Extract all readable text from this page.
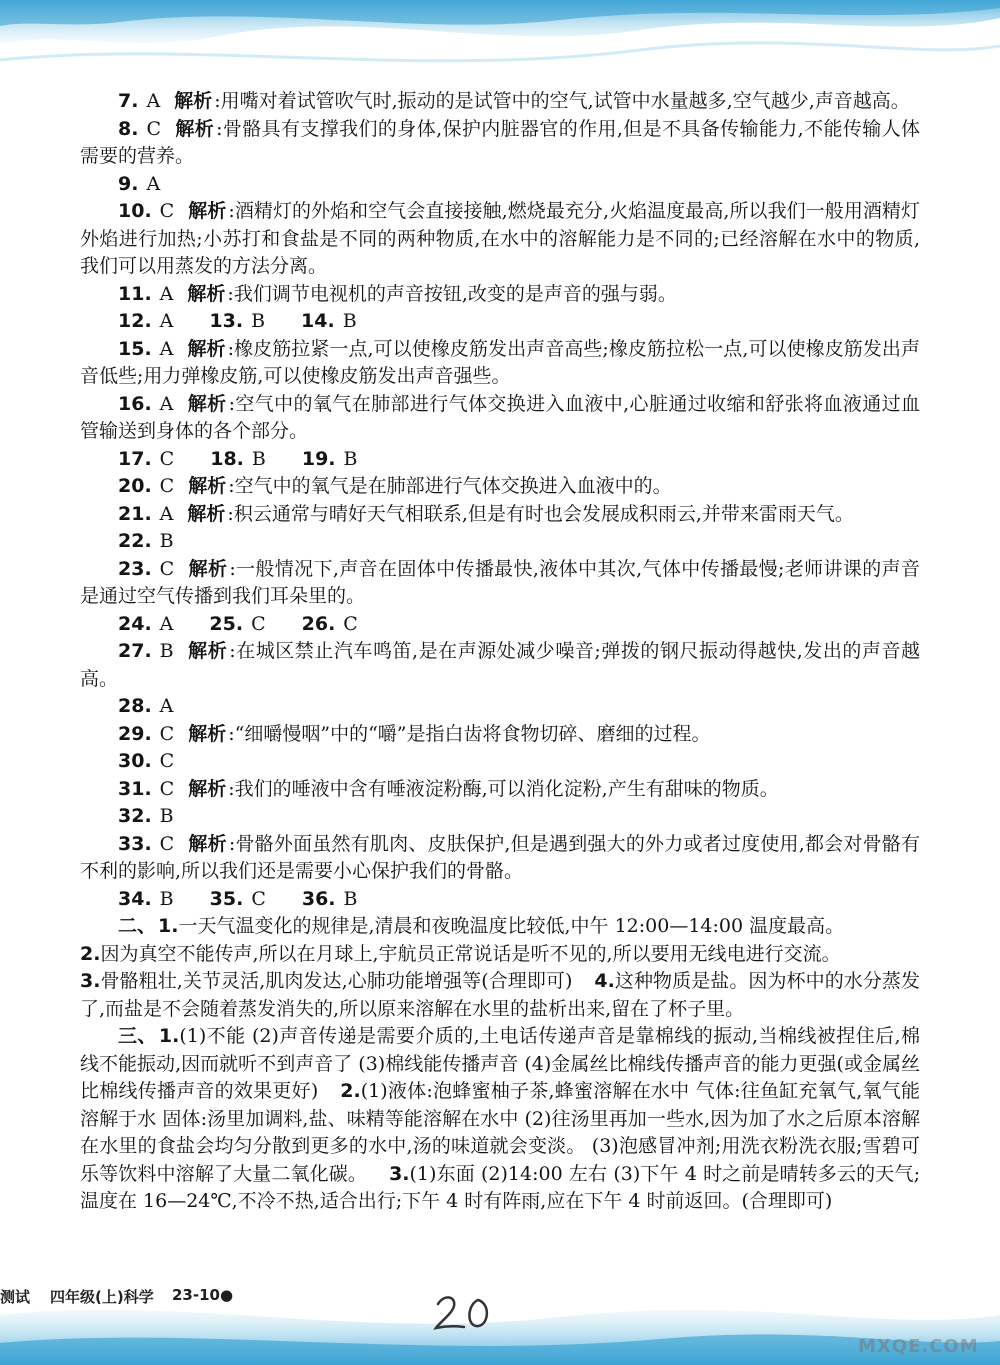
7. A 解析 :用嘴对着试管吹气时,振动的是试管中的空气,试管中水量越多,空气越少,声音越高。

8. C 解析 :骨骼具有支撑我们的身体,保护内脏器官的作用,但是不具备传输能力,不能传输人体需要的营养。

9. A

10. C 解析 :酒精灯的外焰和空气会直接接触,燃烧最充分,火焰温度最高,所以我们一般用酒精灯外焰进行加热;小苏打和食盐是不同的两种物质,在水中的溶解能力是不同的;已经溶解在水中的物质,我们可以用蒸发的方法分离。

11. A 解析 :我们调节电视机的声音按钮,改变的是声音的强与弱。

12. A 13. B 14. B

15. A 解析 :橡皮筋拉紧一点,可以使橡皮筋发出声音高些;橡皮筋拉松一点,可以使橡皮筋发出声音低些;用力弹橡皮筋,可以使橡皮筋发出声音强些。

16. A 解析 :空气中的氧气在肺部进行气体交换进入血液中,心脏通过收缩和舒张将血液通过血管输送到身体的各个部分。

17. C 18. B 19. B

20. C 解析 :空气中的氧气是在肺部进行气体交换进入血液中的。

21. A 解析 :积云通常与晴好天气相联系,但是有时也会发展成积雨云,并带来雷雨天气。

22. B

23. C 解析 :一般情况下,声音在固体中传播最快,液体中其次,气体中传播最慢;老师讲课的声音是通过空气传播到我们耳朵里的。

24. A 25. C 26. C

27. B 解析 :在城区禁止汽车鸣笛,是在声源处减少噪音;弹拨的钢尺振动得越快,发出的声音越高。

28. A

29. C 解析 :“细嚼慢咽”中的“嚼”是指白齿将食物切碎、磨细的过程。

30. C

31. C 解析 :我们的唾液中含有唾液淀粉酶,可以消化淀粉,产生有甜味的物质。

32. B

33. C 解析 :骨骼外面虽然有肌肉、皮肤保护,但是遇到强大的外力或者过度使用,都会对骨骼有不利的影响,所以我们还是需要小心保护我们的骨骼。

34. B 35. C 36. B

二、 1.一天气温变化的规律是,清晨和夜晚温度比较低,中午 12:00—14:00 温度最高。

2.因为真空不能传声,所以在月球上,宇航员正常说话是听不见的,所以要用无线电进行交流。

3.骨骼粗壮,关节灵活,肌肉发达,心肺功能增强等(合理即可) 4.这种物质是盐。因为杯中的水分蒸发了,而盐是不会随着蒸发消失的,所以原来溶解在水里的盐析出来,留在了杯子里。

三、 1.(1)不能 (2)声音传递是需要介质的,土电话传递声音是靠棉线的振动,当棉线被捏住后,棉线不能振动,因而就听不到声音了 (3)棉线能传播声音 (4)金属丝比棉线传播声音的能力更强(或金属丝比棉线传播声音的效果更好) 2.(1)液体:泡蜂蜜柚子茶,蜂蜜溶解在水中 气体:往鱼缸充氧气,氧气能溶解于水 固体:汤里加调料,盐、味精等能溶解在水中 (2)往汤里再加一些水,因为加了水之后原本溶解在水里的食盐会均匀分散到更多的水中,汤的味道就会变淡。 (3)泡感冒冲剂;用洗衣粉洗衣服;雪碧可乐等饮料中溶解了大量二氧化碳。 3.(1)东面 (2)14:00 左右 (3)下午 4 时之前是晴转多云的天气;温度在 16—24℃,不冷不热,适合出行;下午 4 时有阵雨,应在下午 4 时前返回。(合理即可)

测试 四年级(上)科学 23-10●
MXQE.COM
